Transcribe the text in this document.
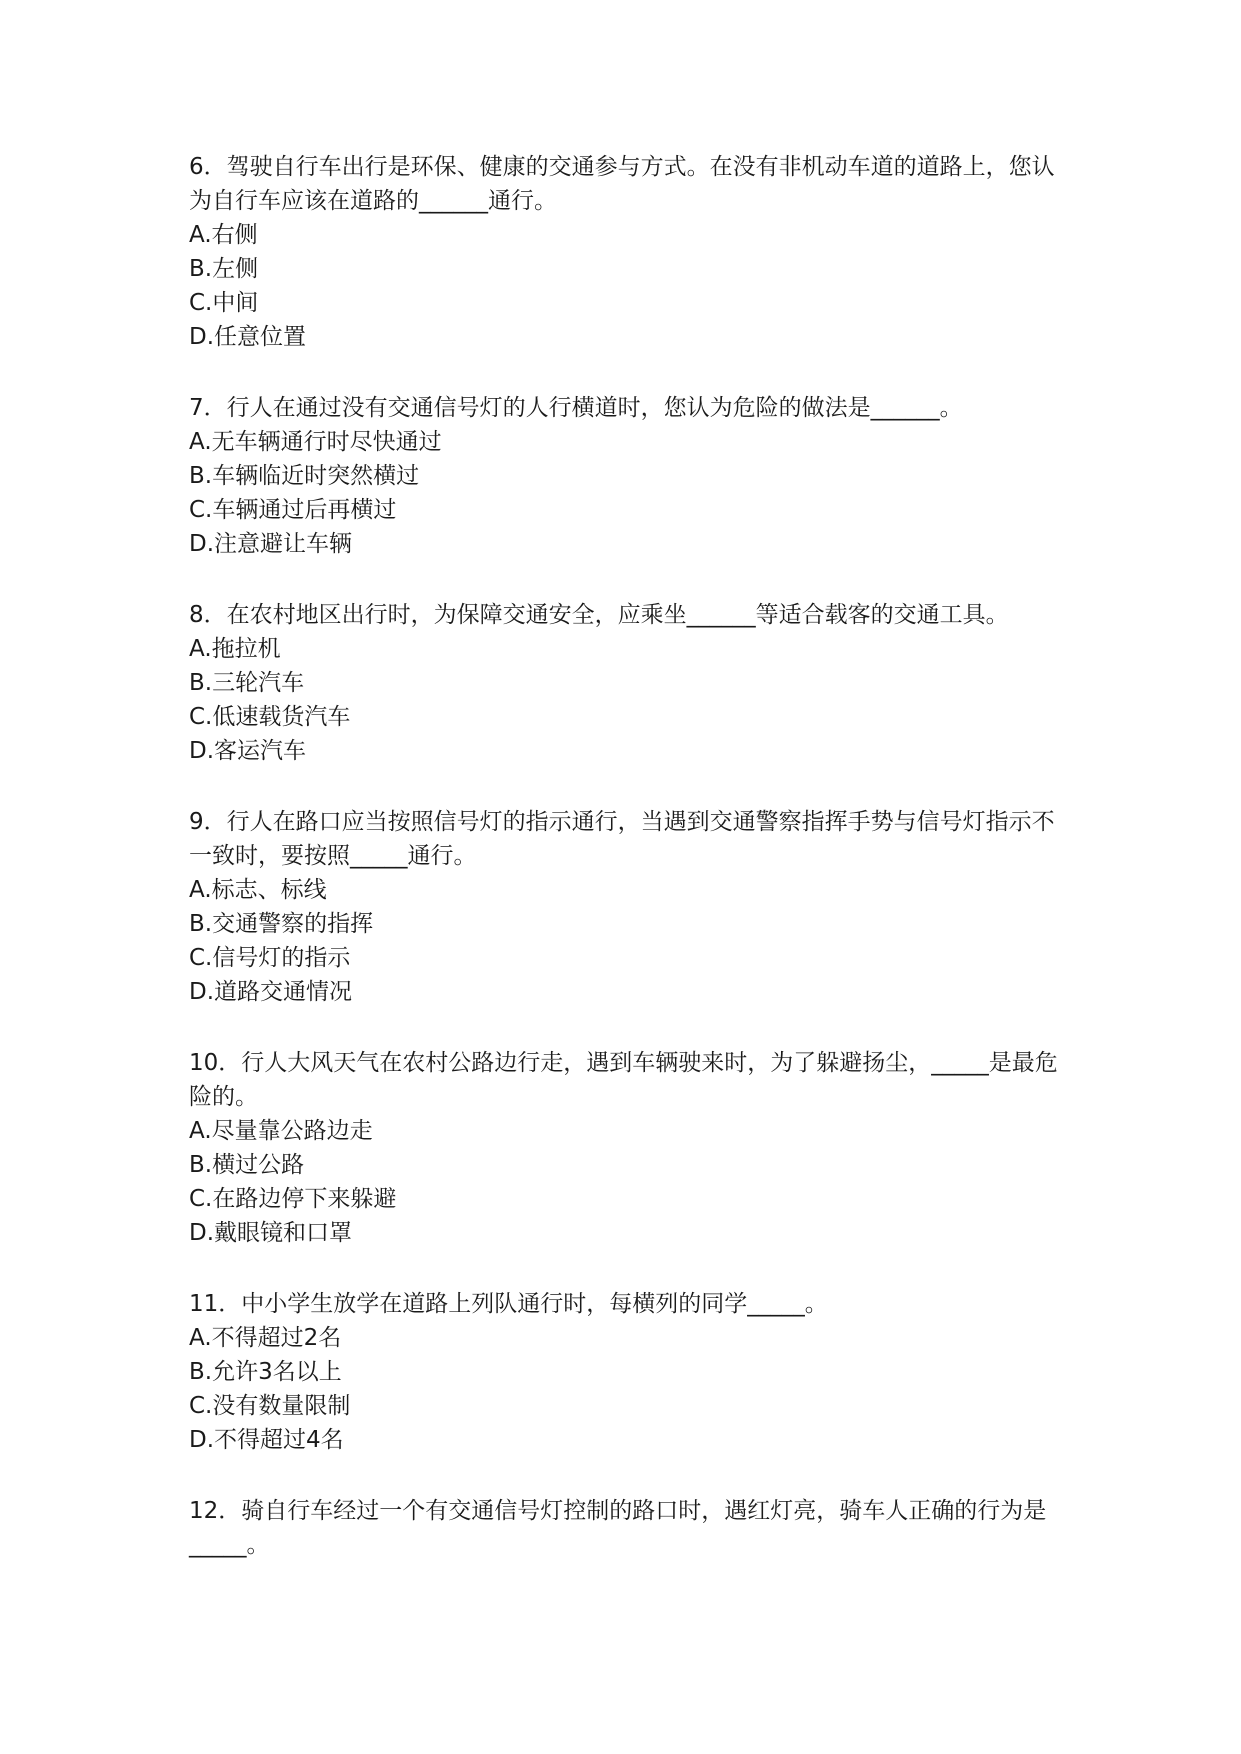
6．驾驶自行车出行是环保、健康的交通参与方式。在没有非机动车道的道路上，您认为自行车应该在道路的______通行。

A.右侧

B.左侧

C.中间

D.任意位置

7．行人在通过没有交通信号灯的人行横道时，您认为危险的做法是______。

A.无车辆通行时尽快通过

B.车辆临近时突然横过

C.车辆通过后再横过

D.注意避让车辆

8．在农村地区出行时，为保障交通安全，应乘坐______等适合载客的交通工具。

A.拖拉机

B.三轮汽车

C.低速载货汽车

D.客运汽车

9．行人在路口应当按照信号灯的指示通行，当遇到交通警察指挥手势与信号灯指示不一致时，要按照_____通行。

A.标志、标线

B.交通警察的指挥

C.信号灯的指示

D.道路交通情况

10．行人大风天气在农村公路边行走，遇到车辆驶来时，为了躲避扬尘，_____是最危险的。

A.尽量靠公路边走

B.横过公路

C.在路边停下来躲避

D.戴眼镜和口罩

11．中小学生放学在道路上列队通行时，每横列的同学_____。

A.不得超过2名

B.允许3名以上

C.没有数量限制

D.不得超过4名

12．骑自行车经过一个有交通信号灯控制的路口时，遇红灯亮，骑车人正确的行为是_____。
